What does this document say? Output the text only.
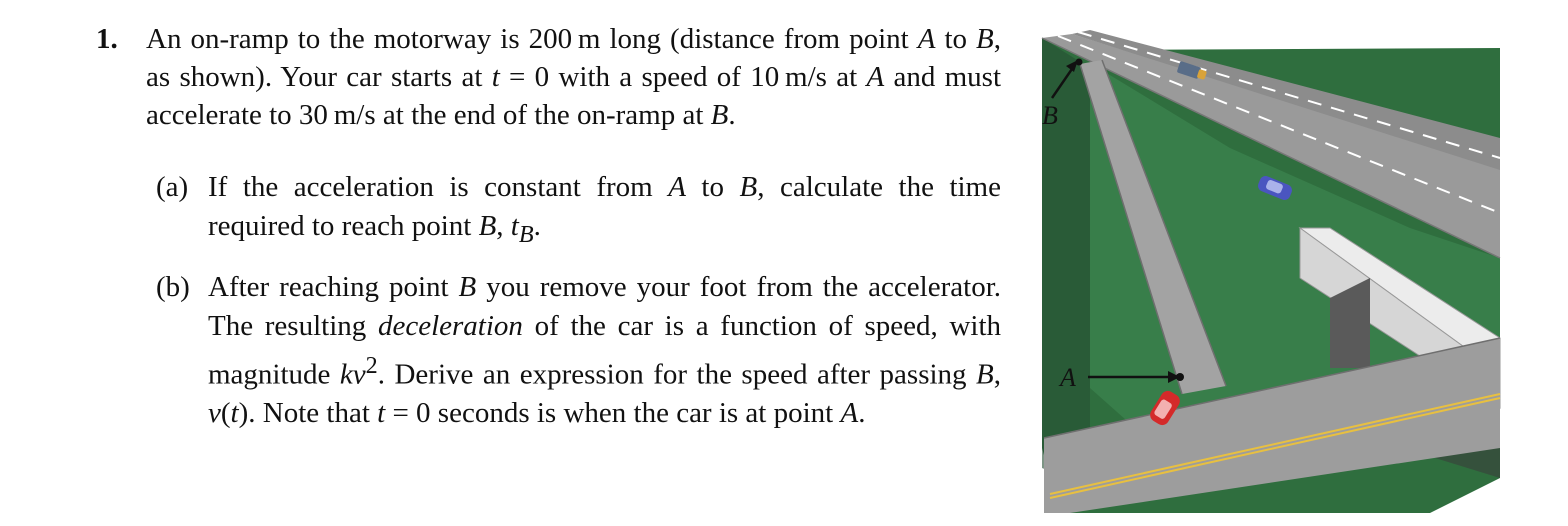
1. An on-ramp to the motorway is 200 m long (distance from point A to B, as shown). Your car starts at t = 0 with a speed of 10 m/s at A and must accelerate to 30 m/s at the end of the on-ramp at B.
(a) If the acceleration is constant from A to B, calculate the time required to reach point B, $t_B$.
(b) After reaching point B you remove your foot from the accelerator. The resulting deceleration of the car is a function of speed, with magnitude $kv^2$. Derive an expression for the speed after passing B, v(t). Note that t = 0 seconds is when the car is at point A.
B
A
